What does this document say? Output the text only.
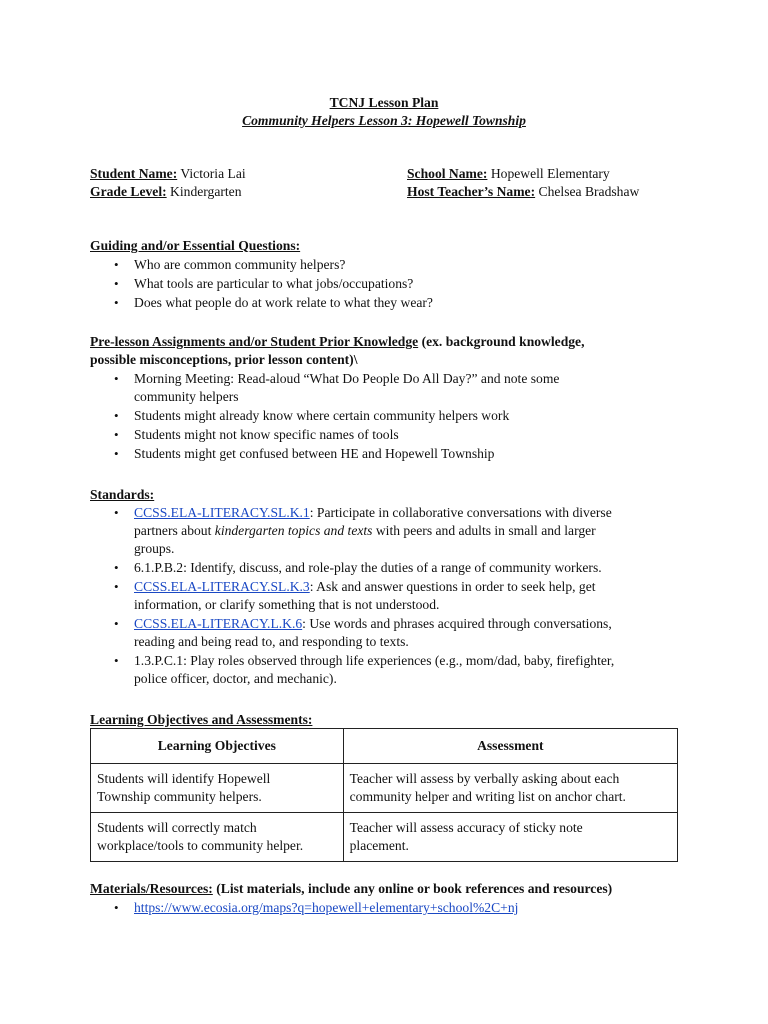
TCNJ Lesson Plan
Community Helpers Lesson 3: Hopewell Township
Student Name: Victoria Lai
Grade Level: Kindergarten
School Name: Hopewell Elementary
Host Teacher’s Name: Chelsea Bradshaw
Guiding and/or Essential Questions:
• Who are common community helpers?
• What tools are particular to what jobs/occupations?
• Does what people do at work relate to what they wear?
Pre-lesson Assignments and/or Student Prior Knowledge (ex. background knowledge,
possible misconceptions, prior lesson content)\
• Morning Meeting: Read-aloud “What Do People Do All Day?” and note some
community helpers
• Students might already know where certain community helpers work
• Students might not know specific names of tools
• Students might get confused between HE and Hopewell Township
Standards:
• CCSS.ELA-LITERACY.SL.K.1: Participate in collaborative conversations with diverse
partners about kindergarten topics and texts with peers and adults in small and larger
groups.
• 6.1.P.B.2: Identify, discuss, and role-play the duties of a range of community workers.
• CCSS.ELA-LITERACY.SL.K.3: Ask and answer questions in order to seek help, get
information, or clarify something that is not understood.
• CCSS.ELA-LITERACY.L.K.6: Use words and phrases acquired through conversations,
reading and being read to, and responding to texts.
• 1.3.P.C.1: Play roles observed through life experiences (e.g., mom/dad, baby, firefighter,
police officer, doctor, and mechanic).
Learning Objectives and Assessments:
Learning Objectives	Assessment
Students will identify Hopewell
Township community helpers.	Teacher will assess by verbally asking about each
community helper and writing list on anchor chart.
Students will correctly match
workplace/tools to community helper.	Teacher will assess accuracy of sticky note
placement.
Materials/Resources: (List materials, include any online or book references and resources)
• https://www.ecosia.org/maps?q=hopewell+elementary+school%2C+nj
